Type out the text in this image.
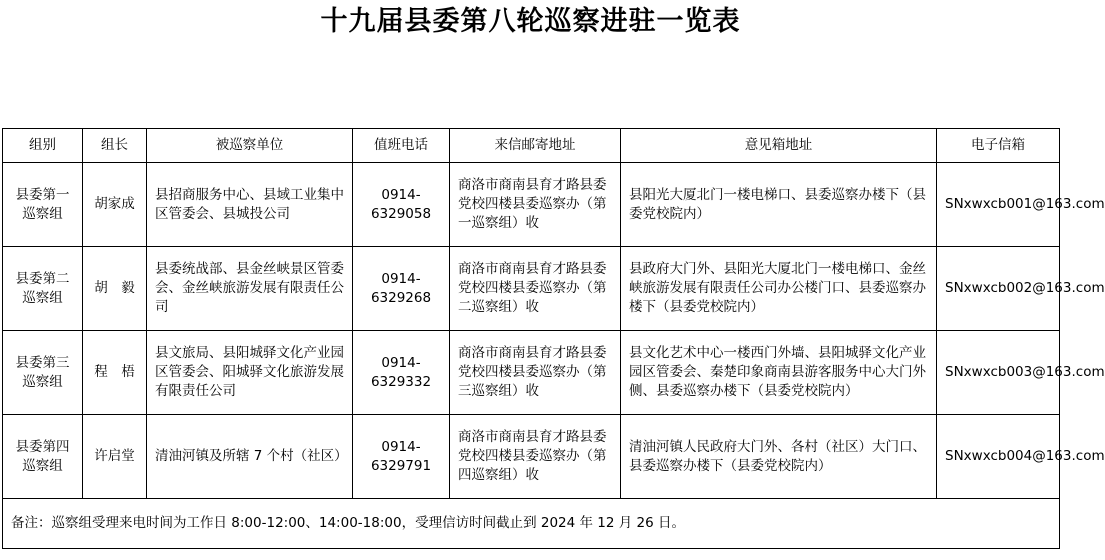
十九届县委第八轮巡察进驻一览表
组别	组长	被巡察单位	值班电话	来信邮寄地址	意见箱地址	电子信箱
县委第一巡察组	胡家成	县招商服务中心、县域工业集中区管委会、县城投公司	0914-6329058	商洛市商南县育才路县委党校四楼县委巡察办（第一巡察组）收	县阳光大厦北门一楼电梯口、县委巡察办楼下（县委党校院内）	SNxwxcb001@163.com
县委第二巡察组	胡　毅	县委统战部、县金丝峡景区管委会、金丝峡旅游发展有限责任公司	0914-6329268	商洛市商南县育才路县委党校四楼县委巡察办（第二巡察组）收	县政府大门外、县阳光大厦北门一楼电梯口、金丝峡旅游发展有限责任公司办公楼门口、县委巡察办楼下（县委党校院内）	SNxwxcb002@163.com
县委第三巡察组	程　梧	县文旅局、县阳城驿文化产业园区管委会、阳城驿文化旅游发展有限责任公司	0914-6329332	商洛市商南县育才路县委党校四楼县委巡察办（第三巡察组）收	县文化艺术中心一楼西门外墙、县阳城驿文化产业园区管委会、秦楚印象商南县游客服务中心大门外侧、县委巡察办楼下（县委党校院内）	SNxwxcb003@163.com
县委第四巡察组	许启堂	清油河镇及所辖 7 个村（社区）	0914-6329791	商洛市商南县育才路县委党校四楼县委巡察办（第四巡察组）收	清油河镇人民政府大门外、各村（社区）大门口、县委巡察办楼下（县委党校院内）	SNxwxcb004@163.com
备注：巡察组受理来电时间为工作日 8:00-12:00、14:00-18:00，受理信访时间截止到 2024 年 12 月 26 日。						
